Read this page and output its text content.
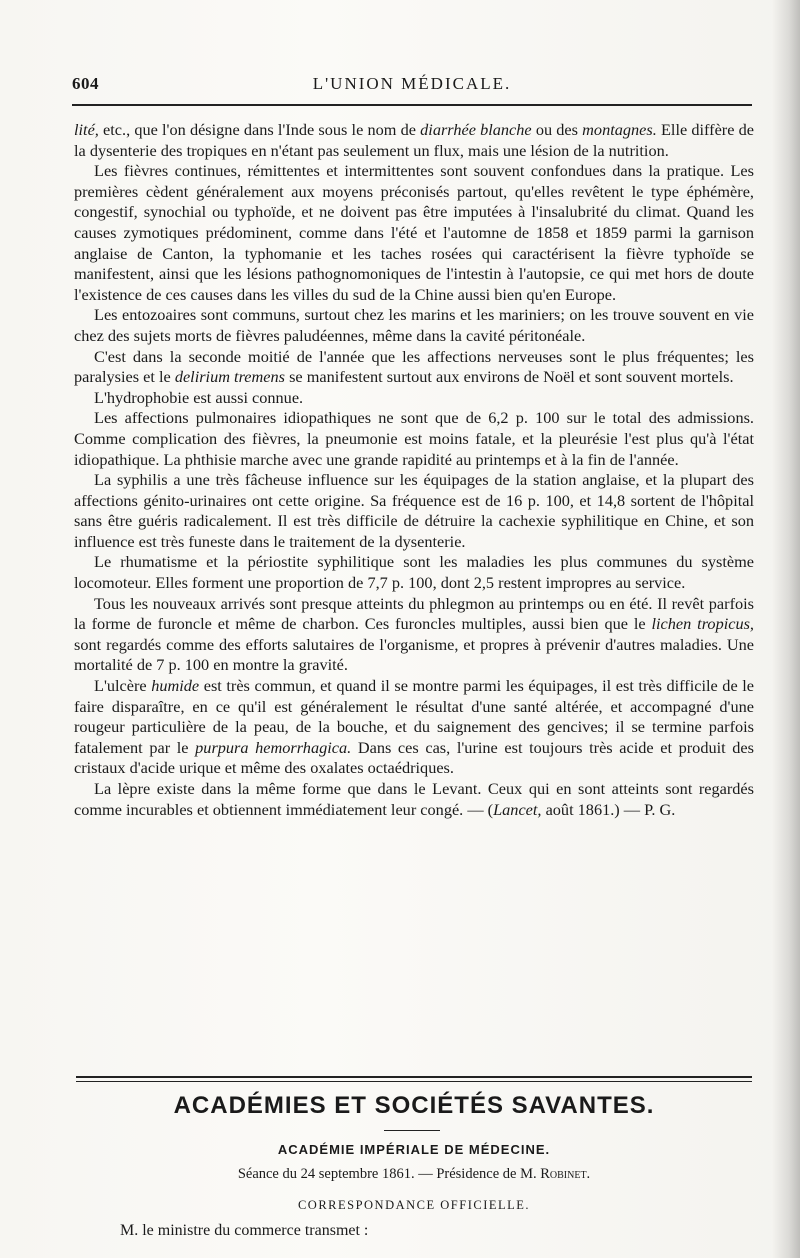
604	L'UNION MÉDICALE.

lité, etc., que l'on désigne dans l'Inde sous le nom de diarrhée blanche ou des montagnes. Elle diffère de la dysenterie des tropiques en n'étant pas seulement un flux, mais une lésion de la nutrition.

Les fièvres continues, rémittentes et intermittentes sont souvent confondues dans la pratique. Les premières cèdent généralement aux moyens préconisés partout, qu'elles revêtent le type éphémère, congestif, synochial ou typhoïde, et ne doivent pas être imputées à l'insalubrité du climat. Quand les causes zymotiques prédominent, comme dans l'été et l'automne de 1858 et 1859 parmi la garnison anglaise de Canton, la typhomanie et les taches rosées qui caractérisent la fièvre typhoïde se manifestent, ainsi que les lésions pathognomoniques de l'intestin à l'autopsie, ce qui met hors de doute l'existence de ces causes dans les villes du sud de la Chine aussi bien qu'en Europe.

Les entozoaires sont communs, surtout chez les marins et les mariniers; on les trouve souvent en vie chez des sujets morts de fièvres paludéennes, même dans la cavité péritonéale.

C'est dans la seconde moitié de l'année que les affections nerveuses sont le plus fréquentes; les paralysies et le delirium tremens se manifestent surtout aux environs de Noël et sont souvent mortels.

L'hydrophobie est aussi connue.

Les affections pulmonaires idiopathiques ne sont que de 6,2 p. 100 sur le total des admissions. Comme complication des fièvres, la pneumonie est moins fatale, et la pleurésie l'est plus qu'à l'état idiopathique. La phthisie marche avec une grande rapidité au printemps et à la fin de l'année.

La syphilis a une très fâcheuse influence sur les équipages de la station anglaise, et la plupart des affections génito-urinaires ont cette origine. Sa fréquence est de 16 p. 100, et 14,8 sortent de l'hôpital sans être guéris radicalement. Il est très difficile de détruire la cachexie syphilitique en Chine, et son influence est très funeste dans le traitement de la dysenterie.

Le rhumatisme et la périostite syphilitique sont les maladies les plus communes du système locomoteur. Elles forment une proportion de 7,7 p. 100, dont 2,5 restent impropres au service.

Tous les nouveaux arrivés sont presque atteints du phlegmon au printemps ou en été. Il revêt parfois la forme de furoncle et même de charbon. Ces furoncles multiples, aussi bien que le lichen tropicus, sont regardés comme des efforts salutaires de l'organisme, et propres à prévenir d'autres maladies. Une mortalité de 7 p. 100 en montre la gravité.

L'ulcère humide est très commun, et quand il se montre parmi les équipages, il est très difficile de le faire disparaître, en ce qu'il est généralement le résultat d'une santé altérée, et accompagné d'une rougeur particulière de la peau, de la bouche, et du saignement des gencives; il se termine parfois fatalement par le purpura hemorrhagica. Dans ces cas, l'urine est toujours très acide et produit des cristaux d'acide urique et même des oxalates octaédriques.

La lèpre existe dans la même forme que dans le Levant. Ceux qui en sont atteints sont regardés comme incurables et obtiennent immédiatement leur congé. — (Lancet, août 1861.) — P. G.

ACADÉMIES ET SOCIÉTÉS SAVANTES.
ACADÉMIE IMPÉRIALE DE MÉDECINE.
Séance du 24 septembre 1861. — Présidence de M. Robinet.
CORRESPONDANCE OFFICIELLE.
M. le ministre du commerce transmet :
